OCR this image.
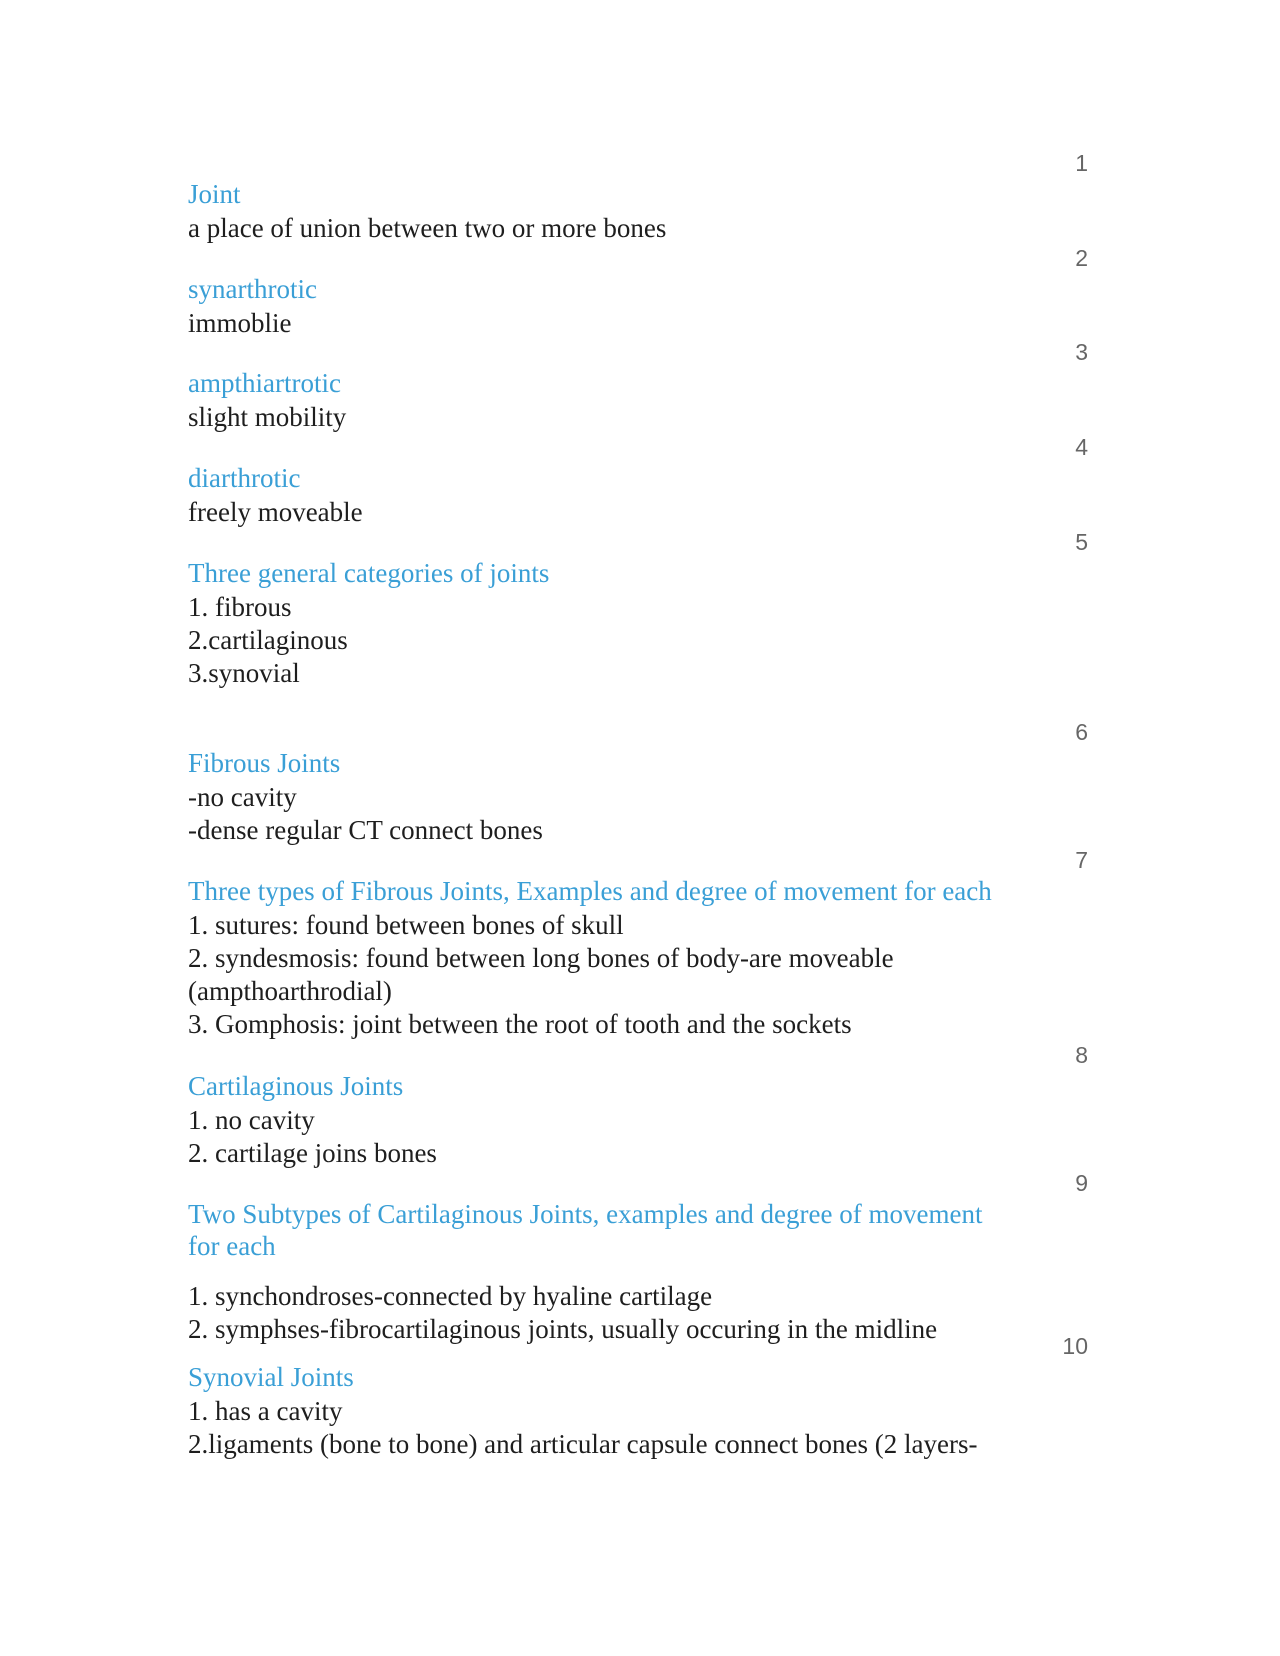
1
Joint
a place of union between two or more bones
2
synarthrotic
immoblie
3
ampthiartrotic
slight mobility
4
diarthrotic
freely moveable
5
Three general categories of joints
1. fibrous
2.cartilaginous
3.synovial
6
Fibrous Joints
-no cavity
-dense regular CT connect bones
7
Three types of Fibrous Joints, Examples and degree of movement for each
1. sutures: found between bones of skull
2. syndesmosis: found between long bones of body-are moveable
(ampthoarthrodial)
3. Gomphosis: joint between the root of tooth and the sockets
8
Cartilaginous Joints
1. no cavity
2. cartilage joins bones
9
Two Subtypes of Cartilaginous Joints, examples and degree of movement
for each
1. synchondroses-connected by hyaline cartilage
2. symphses-fibrocartilaginous joints, usually occuring in the midline
10
Synovial Joints
1. has a cavity
2.ligaments (bone to bone) and articular capsule connect bones (2 layers-
